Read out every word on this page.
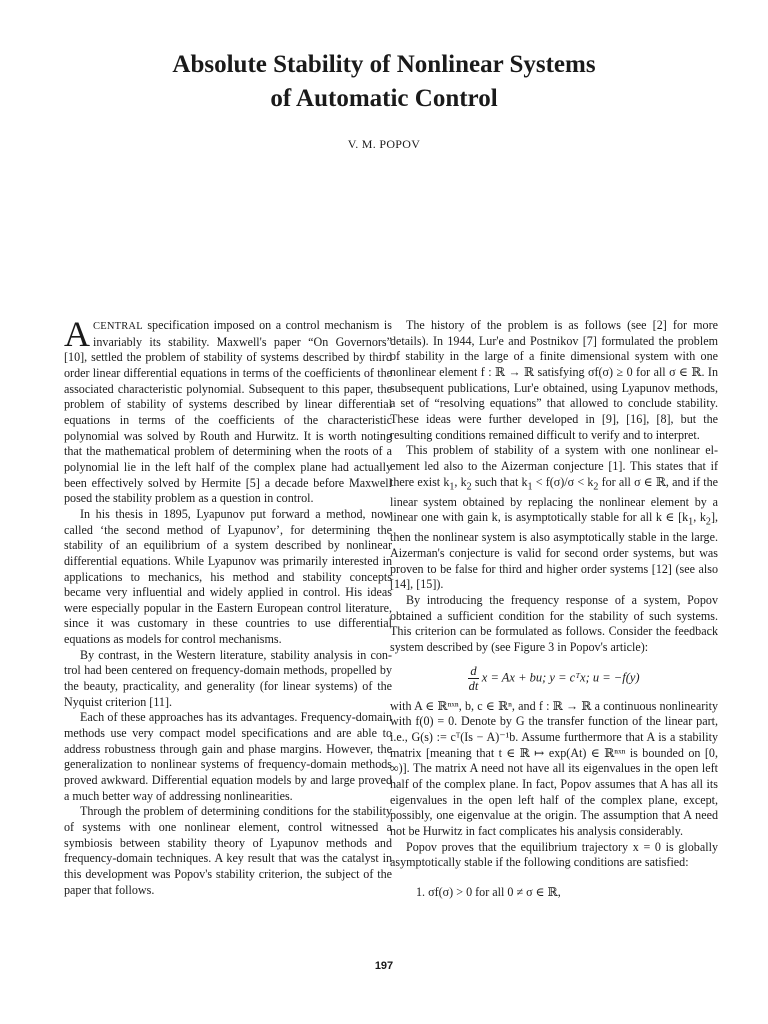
Absolute Stability of Nonlinear Systems
of Automatic Control
V. M. POPOV

ACENTRAL specification imposed on a control mechanism is invariably its stability. Maxwell's paper “On Governors” [10], settled the problem of stability of systems described by third order linear differential equations in terms of the coefficients of the associated characteristic polynomial. Subsequent to this paper, the problem of stability of systems described by linear differential equations in terms of the coefficients of the characteristic polynomial was solved by Routh and Hurwitz. It is worth noting that the mathematical problem of determining when the roots of a polynomial lie in the left half of the complex plane had actually been effectively solved by Hermite [5] a decade before Maxwell posed the stability problem as a question in control.

In his thesis in 1895, Lyapunov put forward a method, now called ‘the second method of Lyapunov’, for determining the stability of an equilibrium of a system described by nonlinear differential equations. While Lyapunov was primarily interested in applications to mechanics, his method and stability concepts became very influential and widely applied in control. His ideas were especially popular in the Eastern European control literature, since it was customary in these countries to use differential equations as models for control mechanisms.

By contrast, in the Western literature, stability analysis in control had been centered on frequency-domain methods, propelled by the beauty, practicality, and generality (for linear systems) of the Nyquist criterion [11].

Each of these approaches has its advantages. Frequency-domain methods use very compact model specifications and are able to address robustness through gain and phase margins. However, the generalization to nonlinear systems of frequency-domain methods proved awkward. Differential equation models by and large proved a much better way of addressing nonlinearities.

Through the problem of determining conditions for the stability of systems with one nonlinear element, control witnessed a symbiosis between stability theory of Lyapunov methods and frequency-domain techniques. A key result that was the catalyst in this development was Popov's stability criterion, the subject of the paper that follows.

The history of the problem is as follows (see [2] for more details). In 1944, Lur'e and Postnikov [7] formulated the problem of stability in the large of a finite dimensional system with one nonlinear element f : ℝ → ℝ satisfying σf(σ) ≥ 0 for all σ ∈ ℝ. In subsequent publications, Lur'e obtained, using Lyapunov methods, a set of “resolving equations” that allowed to conclude stability. These ideas were further developed in [9], [16], [8], but the resulting conditions remained difficult to verify and to interpret.

This problem of stability of a system with one nonlinear element led also to the Aizerman conjecture [1]. This states that if there exist $k_1$, $k_2$ such that $k_1 < f(\sigma)/\sigma < k_2$ for all σ ∈ ℝ, and if the linear system obtained by replacing the nonlinear element by a linear one with gain k, is asymptotically stable for all k ∈ [$k_1$, $k_2$], then the nonlinear system is also asymptotically stable in the large. Aizerman's conjecture is valid for second order systems, but was proven to be false for third and higher order systems [12] (see also [14], [15]).

By introducing the frequency response of a system, Popov obtained a sufficient condition for the stability of such systems. This criterion can be formulated as follows. Consider the feedback system described by (see Figure 3 in Popov's article):

$\frac{d}{dt}$ x = Ax + bu; y = cᵀx; u = −f(y)

with A ∈ ℝⁿˣⁿ, b, c ∈ ℝⁿ, and f : ℝ → ℝ a continuous nonlinearity with f(0) = 0. Denote by G the transfer function of the linear part, i.e., G(s) := cᵀ(Is − A)⁻¹b. Assume furthermore that A is a stability matrix [meaning that t ∈ ℝ ↦ exp(At) ∈ ℝⁿˣⁿ is bounded on [0, ∞)]. The matrix A need not have all its eigenvalues in the open left half of the complex plane. In fact, Popov assumes that A has all its eigenvalues in the open left half of the complex plane, except, possibly, one eigenvalue at the origin. The assumption that A need not be Hurwitz in fact complicates his analysis considerably.

Popov proves that the equilibrium trajectory x = 0 is globally asymptotically stable if the following conditions are satisfied:

1. σf(σ) > 0 for all 0 ≠ σ ∈ ℝ,

197
